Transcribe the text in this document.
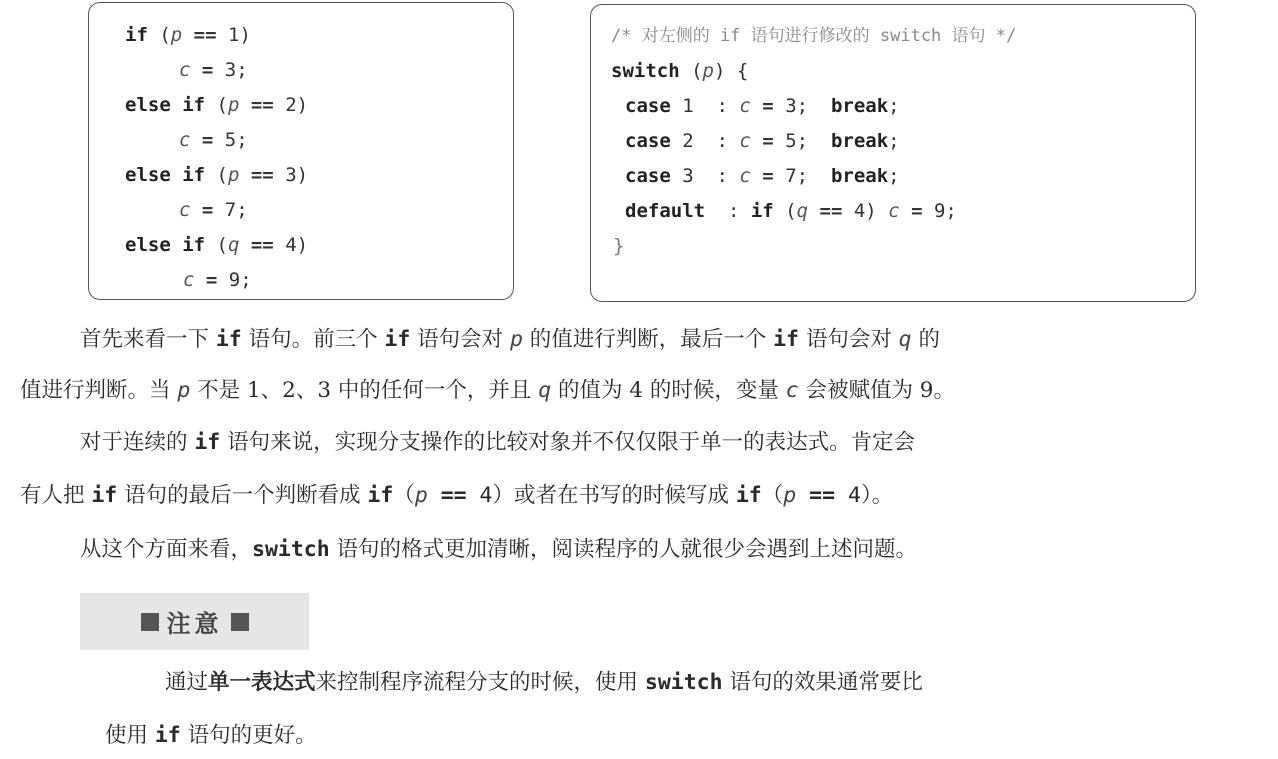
if (p == 1)
c = 3;
else if (p == 2)
c = 5;
else if (p == 3)
c = 7;
else if (q == 4)
c = 9;
/* 对左侧的 if 语句进行修改的 switch 语句 */
switch (p) {
case 1  : c = 3;  break;
case 2  : c = 5;  break;
case 3  : c = 7;  break;
default  : if (q == 4) c = 9;
}
首先来看一下 if 语句。前三个 if 语句会对 p 的值进行判断，最后一个 if 语句会对 q 的
值进行判断。当 p 不是 1、2、3 中的任何一个，并且 q 的值为 4 的时候，变量 c 会被赋值为 9。
对于连续的 if 语句来说，实现分支操作的比较对象并不仅仅限于单一的表达式。肯定会
有人把 if 语句的最后一个判断看成 if（p == 4）或者在书写的时候写成 if（p == 4）。
从这个方面来看，switch 语句的格式更加清晰，阅读程序的人就很少会遇到上述问题。
注意
通过单一表达式来控制程序流程分支的时候，使用 switch 语句的效果通常要比
使用 if 语句的更好。
